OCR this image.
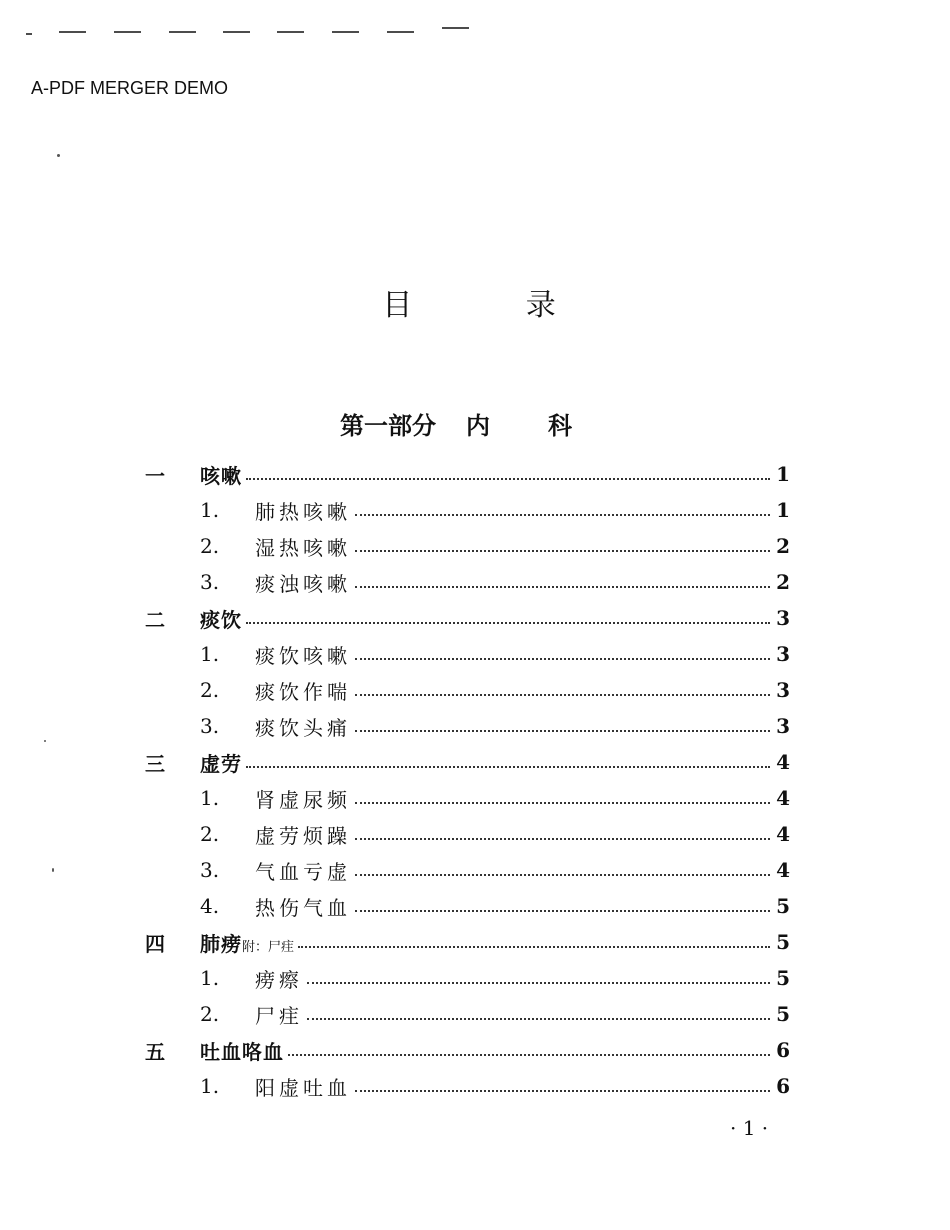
A-PDF MERGER DEMO
目 录
第一部分 内 科
一	咳嗽	1
1.	肺热咳嗽	1
2.	湿热咳嗽	2
3.	痰浊咳嗽	2
二	痰饮	3
1.	痰饮咳嗽	3
2.	痰饮作喘	3
3.	痰饮头痛	3
三	虚劳	4
1.	肾虚尿频	4
2.	虚劳烦躁	4
3.	气血亏虚	4
4.	热伤气血	5
四	肺痨附：尸疰	5
1.	痨瘵	5
2.	尸疰	5
五	吐血咯血	6
1.	阳虚吐血	6
· 1 ·
